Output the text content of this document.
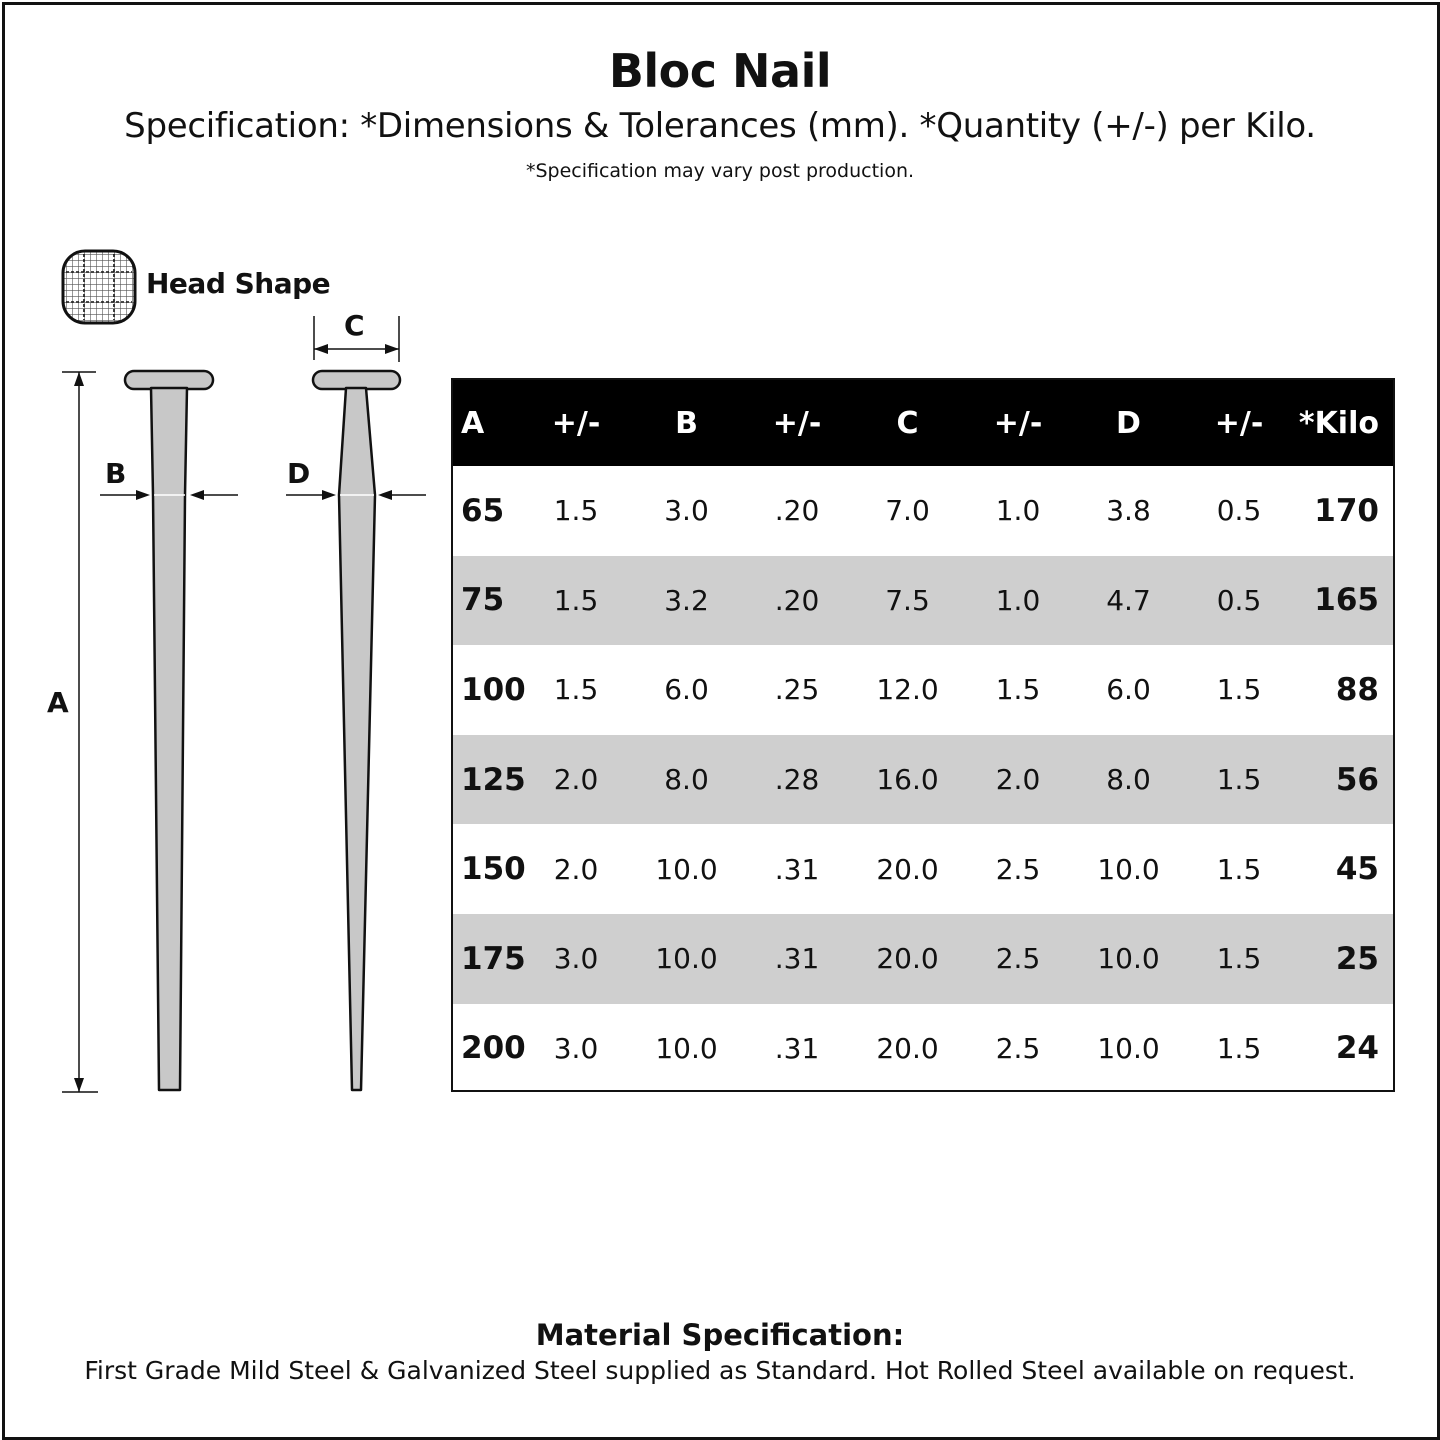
Bloc Nail
Specification: *Dimensions & Tolerances (mm). *Quantity (+/-) per Kilo.
*Specification may vary post production.
Head Shape
A
B
C
D
A	+/-	B	+/-	C	+/-	D	+/-	*Kilo
65	1.5	3.0	.20	7.0	1.0	3.8	0.5	170
75	1.5	3.2	.20	7.5	1.0	4.7	0.5	165
100	1.5	6.0	.25	12.0	1.5	6.0	1.5	88
125	2.0	8.0	.28	16.0	2.0	8.0	1.5	56
150	2.0	10.0	.31	20.0	2.5	10.0	1.5	45
175	3.0	10.0	.31	20.0	2.5	10.0	1.5	25
200	3.0	10.0	.31	20.0	2.5	10.0	1.5	24
Material Specification:
First Grade Mild Steel & Galvanized Steel supplied as Standard. Hot Rolled Steel available on request.
